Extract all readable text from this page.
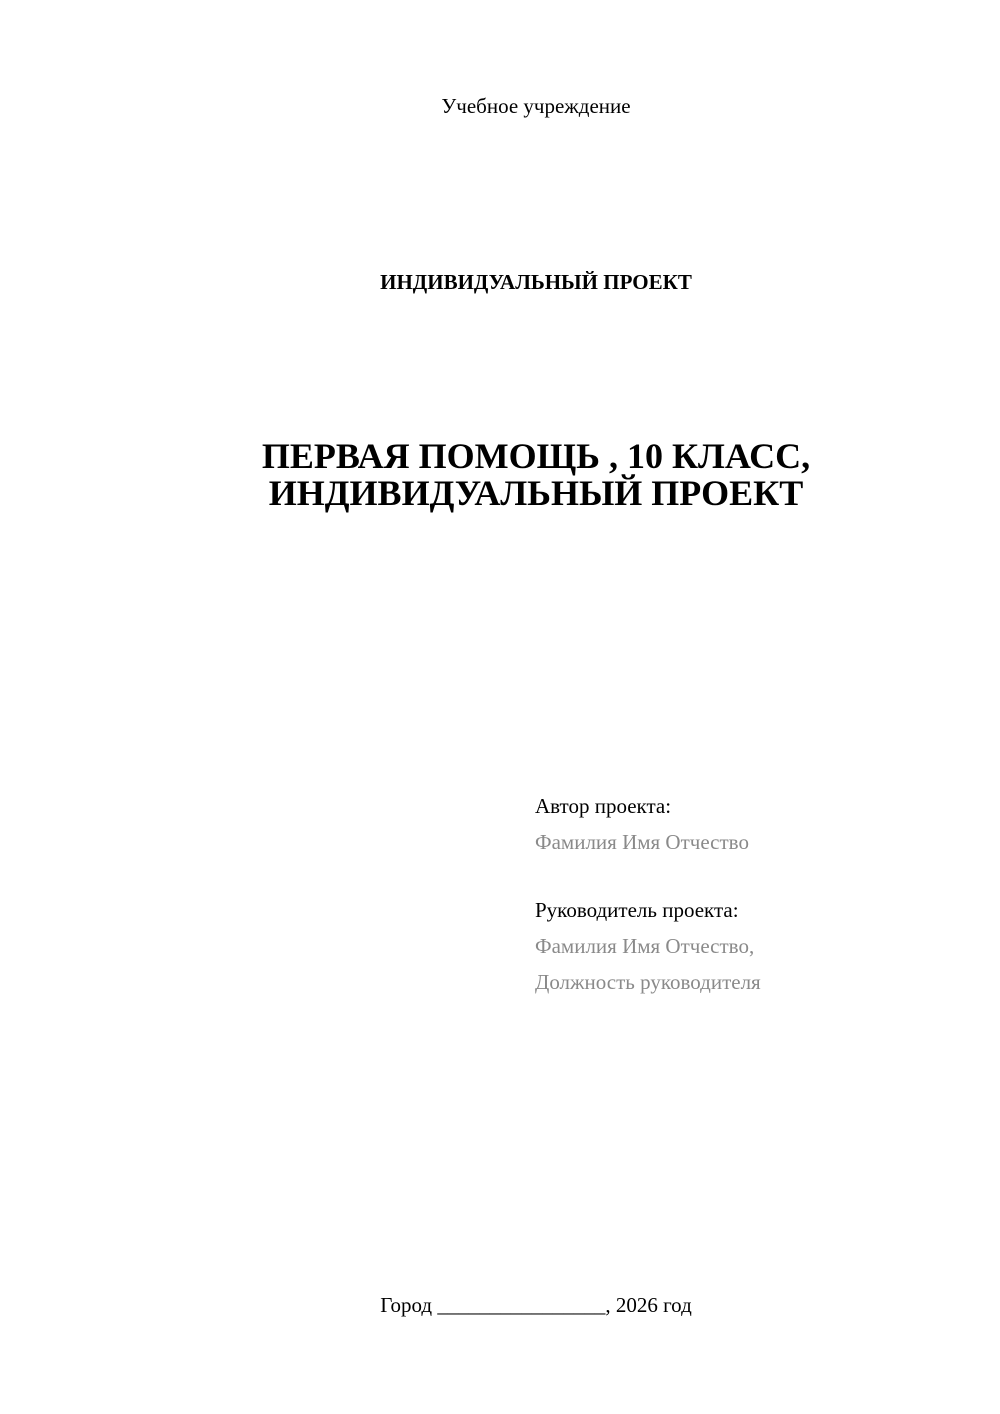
Учебное учреждение
ИНДИВИДУАЛЬНЫЙ ПРОЕКТ
ПЕРВАЯ ПОМОЩЬ , 10 КЛАСС,
ИНДИВИДУАЛЬНЫЙ ПРОЕКТ
Автор проекта:
Фамилия Имя Отчество
Руководитель проекта:
Фамилия Имя Отчество,
Должность руководителя
Город ________________, 2026 год
